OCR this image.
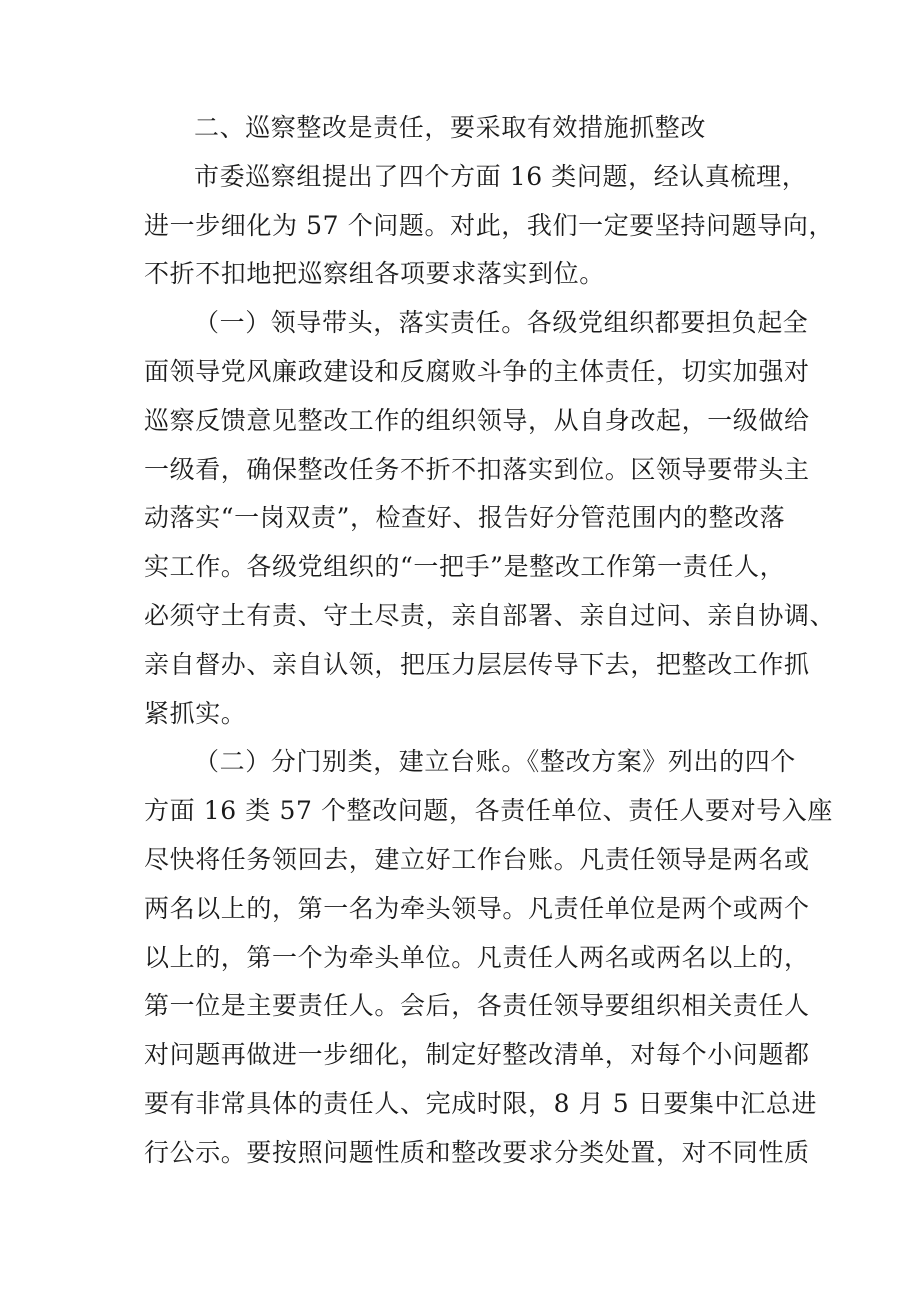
二、巡察整改是责任，要采取有效措施抓整改
市委巡察组提出了四个方面 16 类问题，经认真梳理，
进一步细化为 57 个问题。对此，我们一定要坚持问题导向，
不折不扣地把巡察组各项要求落实到位。
（一）领导带头，落实责任。各级党组织都要担负起全
面领导党风廉政建设和反腐败斗争的主体责任，切实加强对
巡察反馈意见整改工作的组织领导，从自身改起，一级做给
一级看，确保整改任务不折不扣落实到位。区领导要带头主
动落实“一岗双责”，检查好、报告好分管范围内的整改落
实工作。各级党组织的“一把手”是整改工作第一责任人，
必须守土有责、守土尽责，亲自部署、亲自过问、亲自协调、
亲自督办、亲自认领，把压力层层传导下去，把整改工作抓
紧抓实。
（二）分门别类，建立台账。《整改方案》列出的四个
方面 16 类 57 个整改问题，各责任单位、责任人要对号入座
尽快将任务领回去，建立好工作台账。凡责任领导是两名或
两名以上的，第一名为牵头领导。凡责任单位是两个或两个
以上的，第一个为牵头单位。凡责任人两名或两名以上的，
第一位是主要责任人。会后，各责任领导要组织相关责任人
对问题再做进一步细化，制定好整改清单，对每个小问题都
要有非常具体的责任人、完成时限，8 月 5 日要集中汇总进
行公示。要按照问题性质和整改要求分类处置，对不同性质
